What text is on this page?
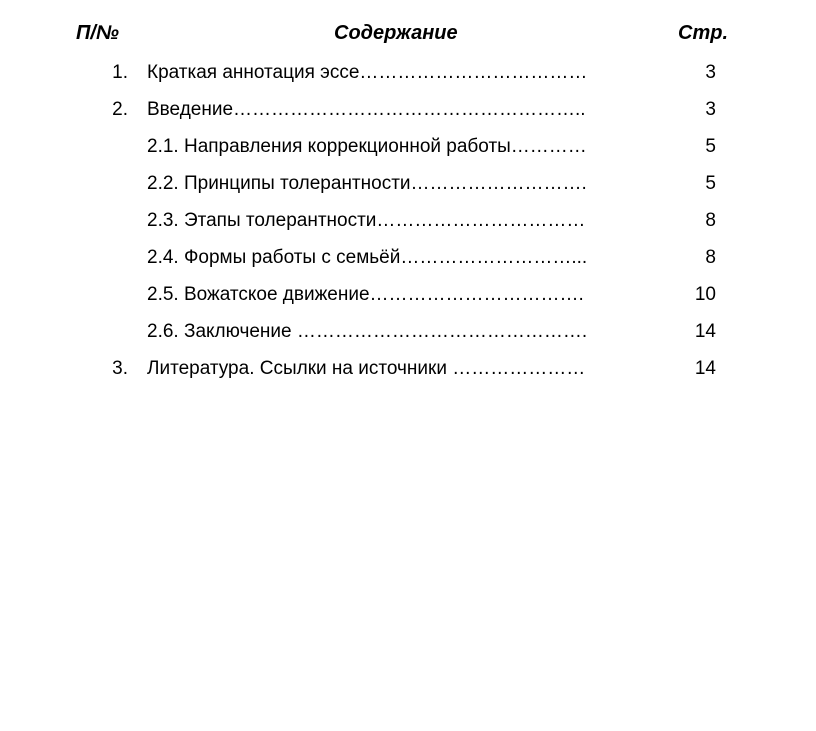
П/№	Содержание	Стр.
1. Краткая аннотация эссе………………………………	3
2. Введение………………………………………………..	3
2.1. Направления коррекционной работы…………	5
2.2. Принципы толерантности……………………….	5
2.3. Этапы толерантности……………………………	8
2.4. Формы работы с семьёй………………………...	8
2.5. Вожатское движение…………………………….	10
2.6. Заключение ……………………………………….	14
3. Литература. Ссылки на источники …………………	14
